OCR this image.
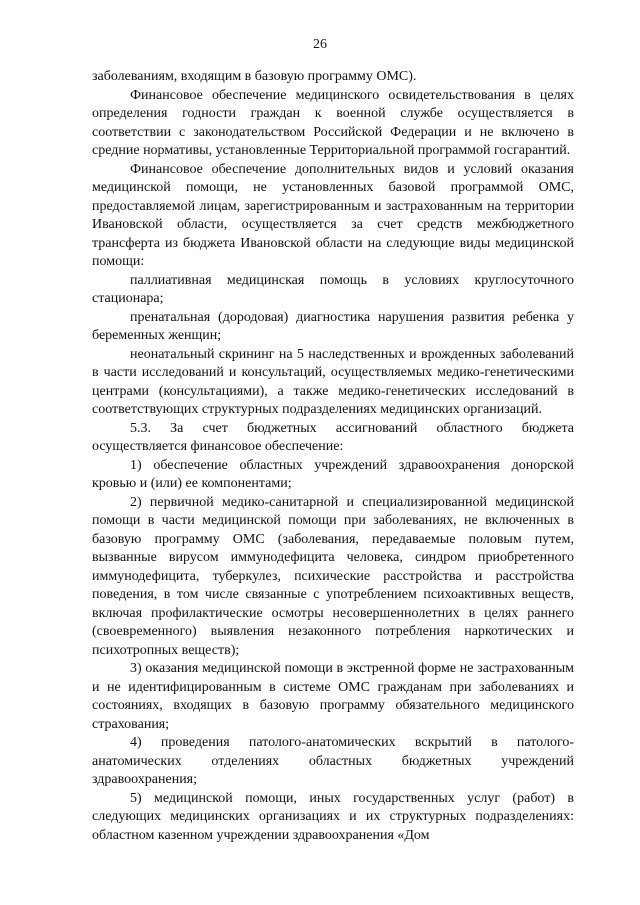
26

заболеваниям, входящим в базовую программу ОМС).

Финансовое обеспечение медицинского освидетельствования в целях определения годности граждан к военной службе осуществляется в соответствии с законодательством Российской Федерации и не включено в средние нормативы, установленные Территориальной программой госгарантий.

Финансовое обеспечение дополнительных видов и условий оказания медицинской помощи, не установленных базовой программой ОМС, предоставляемой лицам, зарегистрированным и застрахованным на территории Ивановской области, осуществляется за счет средств межбюджетного трансферта из бюджета Ивановской области на следующие виды медицинской помощи:

паллиативная медицинская помощь в условиях круглосуточного стационара;

пренатальная (дородовая) диагностика нарушения развития ребенка у беременных женщин;

неонатальный скрининг на 5 наследственных и врожденных заболеваний в части исследований и консультаций, осуществляемых медико-генетическими центрами (консультациями), а также медико-генетических исследований в соответствующих структурных подразделениях медицинских организаций.

5.3. За счет бюджетных ассигнований областного бюджета осуществляется финансовое обеспечение:

1) обеспечение областных учреждений здравоохранения донорской кровью и (или) ее компонентами;

2) первичной медико-санитарной и специализированной медицинской помощи в части медицинской помощи при заболеваниях, не включенных в базовую программу ОМС (заболевания, передаваемые половым путем, вызванные вирусом иммунодефицита человека, синдром приобретенного иммунодефицита, туберкулез, психические расстройства и расстройства поведения, в том числе связанные с употреблением психоактивных веществ, включая профилактические осмотры несовершеннолетних в целях раннего (своевременного) выявления незаконного потребления наркотических и психотропных веществ);

3) оказания медицинской помощи в экстренной форме не застрахованным и не идентифицированным в системе ОМС гражданам при заболеваниях и состояниях, входящих в базовую программу обязательного медицинского страхования;

4) проведения патолого-анатомических вскрытий в патолого-анатомических отделениях областных бюджетных учреждений здравоохранения;

5) медицинской помощи, иных государственных услуг (работ) в следующих медицинских организациях и их структурных подразделениях: областном казенном учреждении здравоохранения «Дом
